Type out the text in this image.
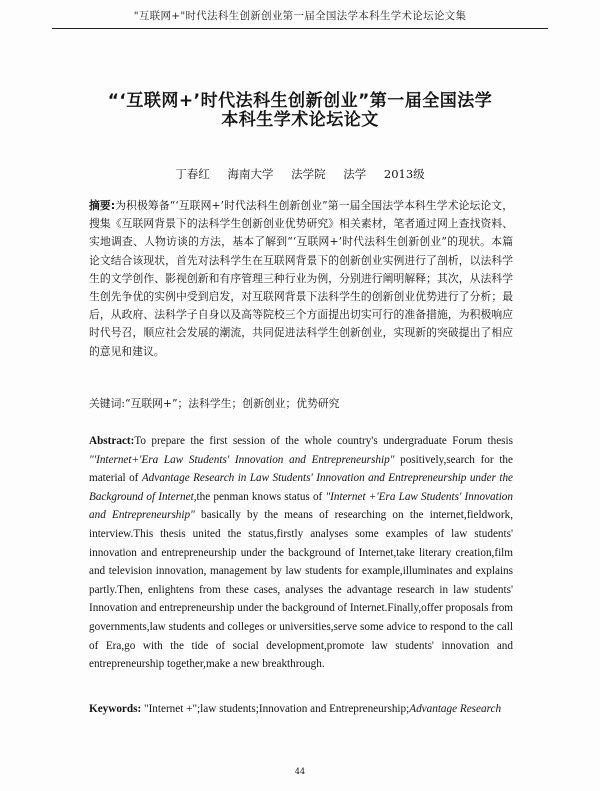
"互联网+"时代法科生创新创业第一届全国法学本科生学术论坛论文集
“‘互联网+’时代法科生创新创业”第一届全国法学
本科生学术论坛论文
丁春红 海南大学 法学院 法学 2013级
摘要:为积极筹备“‘互联网+’时代法科生创新创业”第一届全国法学本科生学术论坛论文，搜集《互联网背景下的法科学生创新创业优势研究》相关素材，笔者通过网上查找资料、实地调查、人物访谈的方法，基本了解到“‘互联网+’时代法科生创新创业”的现状。本篇论文结合该现状，首先对法科学生在互联网背景下的创新创业实例进行了剖析，以法科学生的文学创作、影视创新和有序管理三种行业为例，分别进行阐明解释；其次，从法科学生创先争优的实例中受到启发，对互联网背景下法科学生的创新创业优势进行了分析；最后，从政府、法科学子自身以及高等院校三个方面提出切实可行的准备措施，为积极响应时代号召，顺应社会发展的潮流，共同促进法科学生创新创业，实现新的突破提出了相应的意见和建议。
关键词:“互联网+”；法科学生；创新创业；优势研究
Abstract:To prepare the first session of the whole country's undergraduate Forum thesis "'Internet+'Era Law Students' Innovation and Entrepreneurship" positively,search for the material of Advantage Research in Law Students' Innovation and Entrepreneurship under the Background of Internet,the penman knows status of "Internet +'Era Law Students' Innovation and Entrepreneurship" basically by the means of researching on the internet,fieldwork, interview.This thesis united the status,firstly analyses some examples of law students' innovation and entrepreneurship under the background of Internet,take literary creation,film and television innovation, management by law students for example,illuminates and explains partly.Then, enlightens from these cases, analyses the advantage research in law students' Innovation and entrepreneurship under the background of Internet.Finally,offer proposals from governments,law students and colleges or universities,serve some advice to respond to the call of Era,go with the tide of social development,promote law students' innovation and entrepreneurship together,make a new breakthrough.
Keywords: "Internet +";law students;Innovation and Entrepreneurship;Advantage Research
44
